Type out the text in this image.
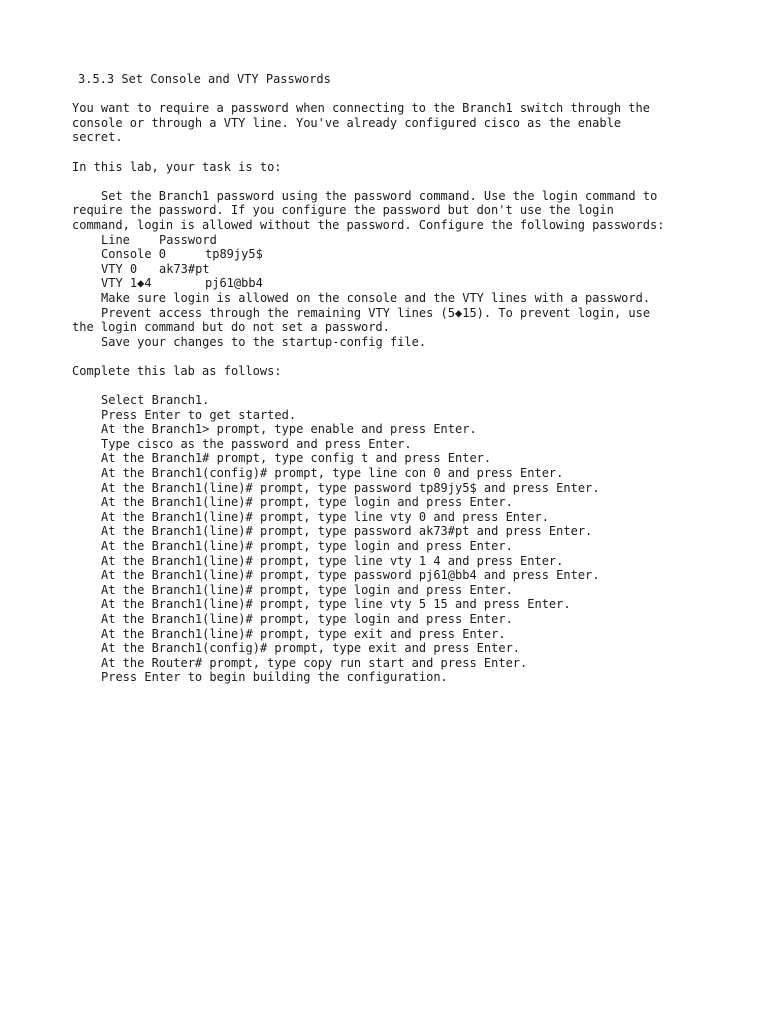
3.5.3 Set Console and VTY Passwords
You want to require a password when connecting to the Branch1 switch through the
console or through a VTY line. You've already configured cisco as the enable
secret.
In this lab, your task is to:
Set the Branch1 password using the password command. Use the login command to
require the password. If you configure the password but don't use the login
command, login is allowed without the password. Configure the following passwords:
Line	Password
Console 0	tp89jy5$
VTY 0	ak73#pt
VTY 1◆4	pj61@bb4
Make sure login is allowed on the console and the VTY lines with a password.
Prevent access through the remaining VTY lines (5◆15). To prevent login, use
the login command but do not set a password.
Save your changes to the startup-config file.
Complete this lab as follows:
Select Branch1.
Press Enter to get started.
At the Branch1> prompt, type enable and press Enter.
Type cisco as the password and press Enter.
At the Branch1# prompt, type config t and press Enter.
At the Branch1(config)# prompt, type line con 0 and press Enter.
At the Branch1(line)# prompt, type password tp89jy5$ and press Enter.
At the Branch1(line)# prompt, type login and press Enter.
At the Branch1(line)# prompt, type line vty 0 and press Enter.
At the Branch1(line)# prompt, type password ak73#pt and press Enter.
At the Branch1(line)# prompt, type login and press Enter.
At the Branch1(line)# prompt, type line vty 1 4 and press Enter.
At the Branch1(line)# prompt, type password pj61@bb4 and press Enter.
At the Branch1(line)# prompt, type login and press Enter.
At the Branch1(line)# prompt, type line vty 5 15 and press Enter.
At the Branch1(line)# prompt, type login and press Enter.
At the Branch1(line)# prompt, type exit and press Enter.
At the Branch1(config)# prompt, type exit and press Enter.
At the Router# prompt, type copy run start and press Enter.
Press Enter to begin building the configuration.
